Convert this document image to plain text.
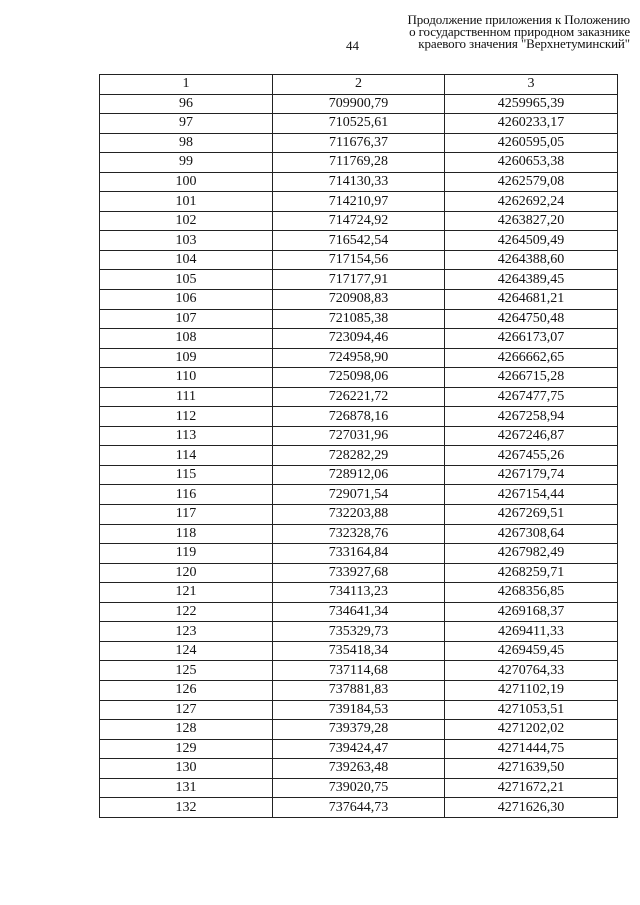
44
Продолжение приложения к Положению
о государственном природном заказнике
краевого значения "Верхнетуминский"
1	2	3
96	709900,79	4259965,39
97	710525,61	4260233,17
98	711676,37	4260595,05
99	711769,28	4260653,38
100	714130,33	4262579,08
101	714210,97	4262692,24
102	714724,92	4263827,20
103	716542,54	4264509,49
104	717154,56	4264388,60
105	717177,91	4264389,45
106	720908,83	4264681,21
107	721085,38	4264750,48
108	723094,46	4266173,07
109	724958,90	4266662,65
110	725098,06	4266715,28
111	726221,72	4267477,75
112	726878,16	4267258,94
113	727031,96	4267246,87
114	728282,29	4267455,26
115	728912,06	4267179,74
116	729071,54	4267154,44
117	732203,88	4267269,51
118	732328,76	4267308,64
119	733164,84	4267982,49
120	733927,68	4268259,71
121	734113,23	4268356,85
122	734641,34	4269168,37
123	735329,73	4269411,33
124	735418,34	4269459,45
125	737114,68	4270764,33
126	737881,83	4271102,19
127	739184,53	4271053,51
128	739379,28	4271202,02
129	739424,47	4271444,75
130	739263,48	4271639,50
131	739020,75	4271672,21
132	737644,73	4271626,30
